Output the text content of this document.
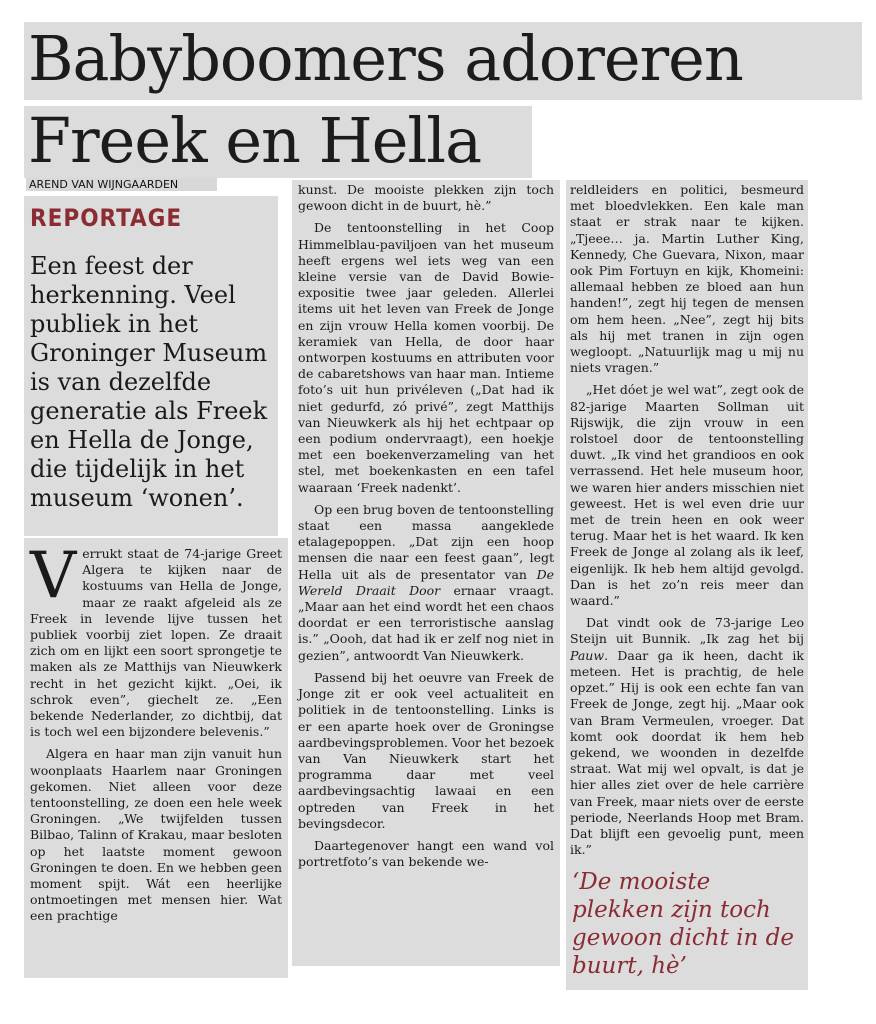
Babyboomers adoreren
Freek en Hella
AREND VAN WIJNGAARDEN
REPORTAGE
Een feest der herkenning. Veel publiek in het Groninger Museum is van dezelfde generatie als Freek en Hella de Jonge, die tijdelijk in het museum ‘wonen’.

Verrukt staat de 74-jarige Greet Algera te kijken naar de kostuums van Hella de Jonge, maar ze raakt afgeleid als ze Freek in levende lijve tussen het publiek voorbij ziet lopen. Ze draait zich om en lijkt een soort sprongetje te maken als ze Matthijs van Nieuwkerk recht in het gezicht kijkt. „Oei, ik schrok even”, giechelt ze. „Een bekende Nederlander, zo dichtbij, dat is toch wel een bijzondere belevenis.”

Algera en haar man zijn vanuit hun woonplaats Haarlem naar Groningen gekomen. Niet alleen voor deze tentoonstelling, ze doen een hele week Groningen. „We twijfelden tussen Bilbao, Talinn of Krakau, maar besloten op het laatste moment gewoon Groningen te doen. En we hebben geen moment spijt. Wát een heerlijke ontmoetingen met mensen hier. Wat een prachtige

kunst. De mooiste plekken zijn toch gewoon dicht in de buurt, hè.”

De tentoonstelling in het Coop Himmelblau-paviljoen van het museum heeft ergens wel iets weg van een kleine versie van de David Bowie-expositie twee jaar geleden. Allerlei items uit het leven van Freek de Jonge en zijn vrouw Hella komen voorbij. De keramiek van Hella, de door haar ontworpen kostuums en attributen voor de cabaretshows van haar man. Intieme foto’s uit hun privéleven („Dat had ik niet gedurfd, zó privé”, zegt Matthijs van Nieuwkerk als hij het echtpaar op een podium ondervraagt), een hoekje met een boekenverzameling van het stel, met boekenkasten en een tafel waaraan ‘Freek nadenkt’.

Op een brug boven de tentoonstelling staat een massa aangeklede etalagepoppen. „Dat zijn een hoop mensen die naar een feest gaan”, legt Hella uit als de presentator van De Wereld Draait Door ernaar vraagt. „Maar aan het eind wordt het een chaos doordat er een terroristische aanslag is.” „Oooh, dat had ik er zelf nog niet in gezien”, antwoordt Van Nieuwkerk.

Passend bij het oeuvre van Freek de Jonge zit er ook veel actualiteit en politiek in de tentoonstelling. Links is er een aparte hoek over de Groningse aardbevingsproblemen. Voor het bezoek van Van Nieuwkerk start het programma daar met veel aardbevingsachtig lawaai en een optreden van Freek in het bevingsdecor.

Daartegenover hangt een wand vol portretfoto’s van bekende we-

reldleiders en politici, besmeurd met bloedvlekken. Een kale man staat er strak naar te kijken. „Tjeee… ja. Martin Luther King, Kennedy, Che Guevara, Nixon, maar ook Pim Fortuyn en kijk, Khomeini: allemaal hebben ze bloed aan hun handen!”, zegt hij tegen de mensen om hem heen. „Nee”, zegt hij bits als hij met tranen in zijn ogen wegloopt. „Natuurlijk mag u mij nu niets vragen.”

„Het dóet je wel wat”, zegt ook de 82-jarige Maarten Sollman uit Rijswijk, die zijn vrouw in een rolstoel door de tentoonstelling duwt. „Ik vind het grandioos en ook verrassend. Het hele museum hoor, we waren hier anders misschien niet geweest. Het is wel even drie uur met de trein heen en ook weer terug. Maar het is het waard. Ik ken Freek de Jonge al zolang als ik leef, eigenlijk. Ik heb hem altijd gevolgd. Dan is het zo’n reis meer dan waard.”

Dat vindt ook de 73-jarige Leo Steijn uit Bunnik. „Ik zag het bij Pauw. Daar ga ik heen, dacht ik meteen. Het is prachtig, de hele opzet.” Hij is ook een echte fan van Freek de Jonge, zegt hij. „Maar ook van Bram Vermeulen, vroeger. Dat komt ook doordat ik hem heb gekend, we woonden in dezelfde straat. Wat mij wel opvalt, is dat je hier alles ziet over de hele carrière van Freek, maar niets over de eerste periode, Neerlands Hoop met Bram. Dat blijft een gevoelig punt, meen ik.”

‘De mooiste plekken zijn toch gewoon dicht in de buurt, hè’
